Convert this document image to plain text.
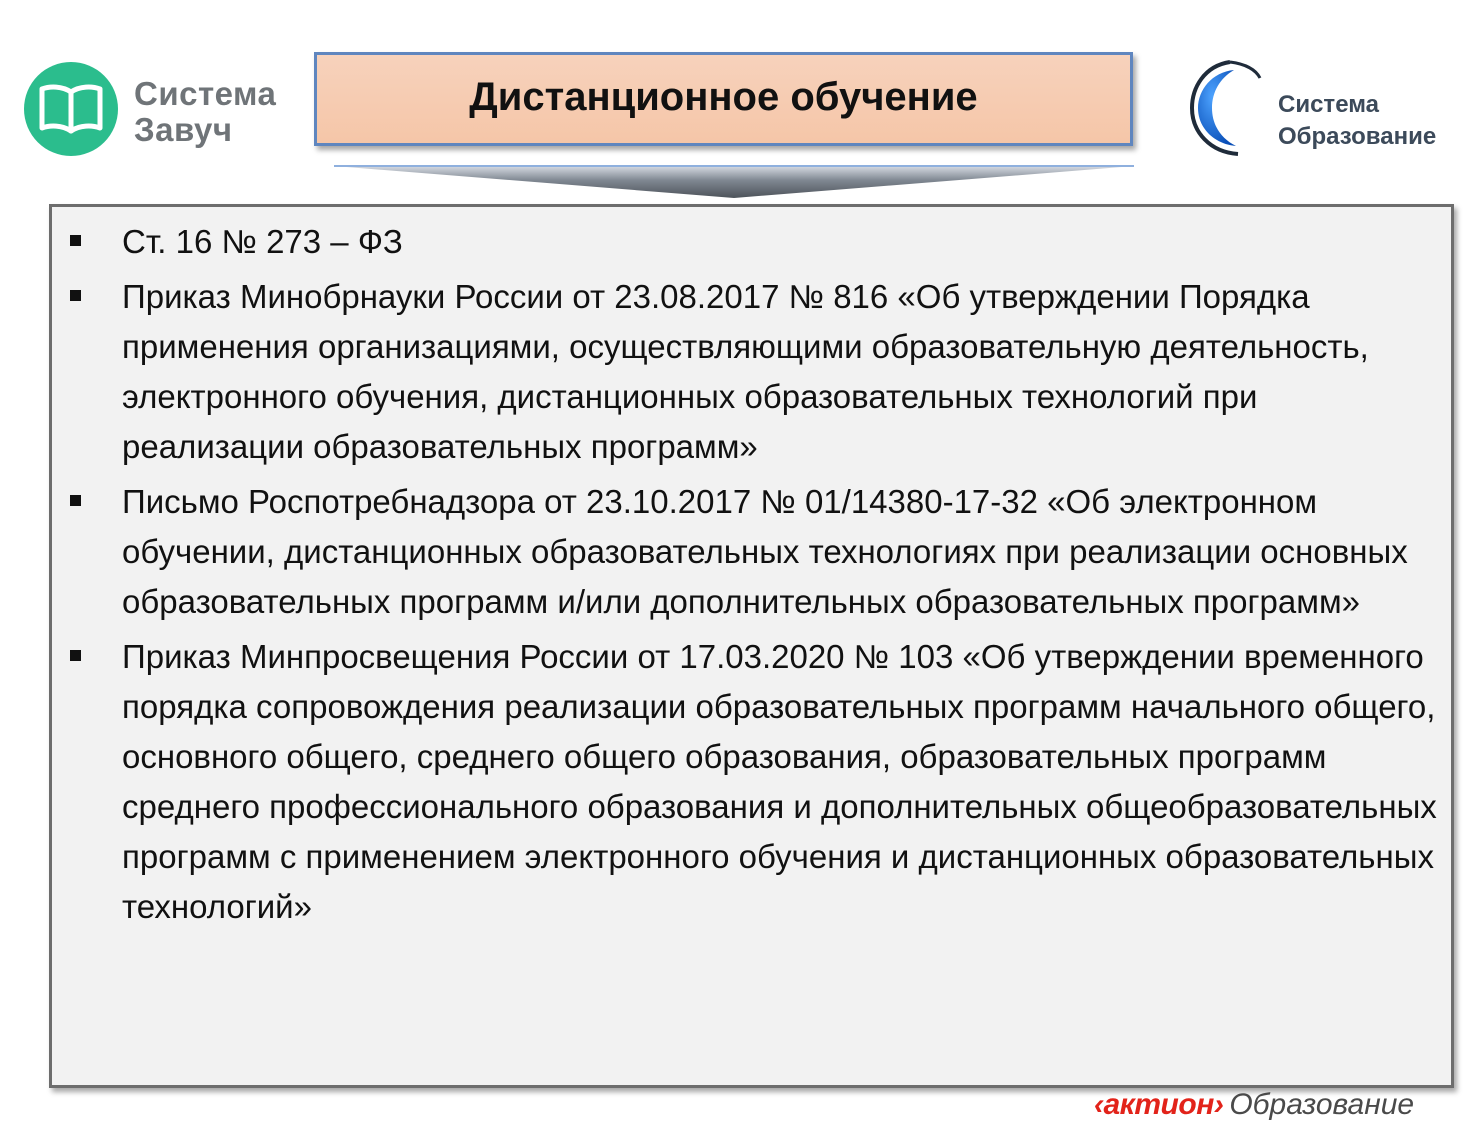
Система
Завуч
Дистанционное обучение	Система
Образование
Ст. 16 № 273 – ФЗ
Приказ Минобрнауки России от 23.08.2017 № 816 «Об утверждении Порядка применения организациями, осуществляющими образовательную деятельность, электронного обучения, дистанционных образовательных технологий при реализации образовательных программ»
Письмо Роспотребнадзора от 23.10.2017 № 01/14380-17-32 «Об электронном обучении, дистанционных образовательных технологиях при реализации основных образовательных программ и/или дополнительных образовательных программ»
Приказ Минпросвещения России от 17.03.2020 № 103 «Об утверждении временного порядка сопровождения реализации образовательных программ начального общего, основного общего, среднего общего образования, образовательных программ среднего профессионального образования и дополнительных общеобразовательных программ с применением электронного обучения и дистанционных образовательных технологий»
‹актион› Образование
